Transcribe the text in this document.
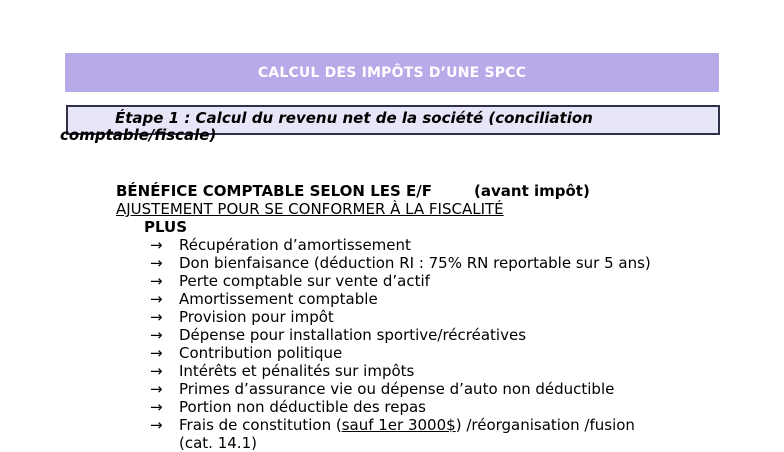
CALCUL DES IMPÔTS D’UNE SPCC
Étape 1 : Calcul du revenu net de la société (conciliation comptable/fiscale)
BÉNÉFICE COMPTABLE SELON LES E/F	(avant impôt)
AJUSTEMENT POUR SE CONFORMER À LA FISCALITÉ
PLUS
→	Récupération d’amortissement
→	Don bienfaisance (déduction RI : 75% RN reportable sur 5 ans)
→	Perte comptable sur vente d’actif
→	Amortissement comptable
→	Provision pour impôt
→	Dépense pour installation sportive/récréatives
→	Contribution politique
→	Intérêts et pénalités sur impôts
→	Primes d’assurance vie ou dépense d’auto non déductible
→	Portion non déductible des repas
→	Frais de constitution (sauf 1er 3000$) /réorganisation /fusion
(cat. 14.1)
